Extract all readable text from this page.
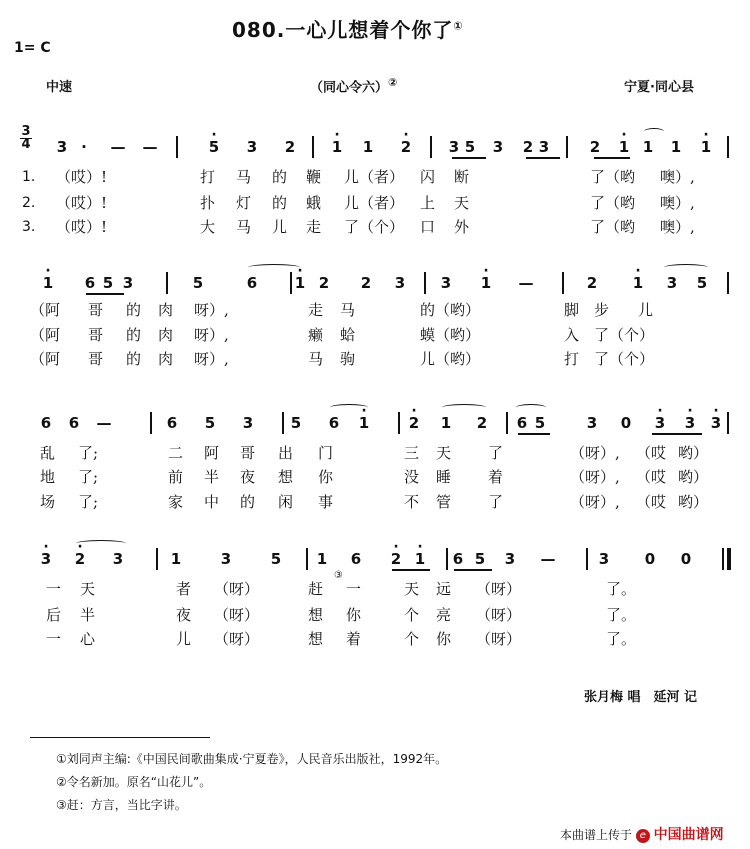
080.一心儿想着个你了①
1= C
中速	（同心令六）②	宁夏·同心县
3
4	3 ·	—	—	· 5	3	2	· 1	1	· 2	3 5	3	2 3	2	· 1 1	1	· 1
1. （哎）!	打 马 的 鞭 儿（者） 闪 断	了（哟 噢）,
2. （哎）!	扑 灯 的 蛾 儿（者） 上 天	了（哟 噢）,
3. （哎）!	大 马 儿 走 了（个） 口 外	了（哟 噢）,
· 1	6 5 3	5	6	· 1 2	2	3	3	· 1	—	2	· 1	3	5
（阿 哥 的 肉 呀）,	走 马	的（哟）	脚 步 儿
（阿 哥 的 肉 呀）,	癞 蛤	蟆（哟）	入 了（个）
（阿 哥 的 肉 呀）,	马 驹	儿（哟）	打 了（个）
6	6	—	6	5	3	5	6	· 1	· 2	1	2	6 5	3	0	· 3	· 3	· 3
乱 了;	二 阿 哥 出 门	三 天 了	（呀）, （哎 哟）
地 了;	前 半 夜 想 你	没 睡 着	（呀）, （哎 哟）
场 了;	家 中 的 闲 事	不 管 了	（呀）, （哎 哟）
· 3	· 2	3	1	3	5	1	6	· 2 · 1	6 5	3	—	3	0	0
③
一 天	者 （呀）	赶 一	天 远 （呀）	了。
后 半	夜 （呀）	想 你	个 亮 （呀）	了。
一 心	儿 （呀）	想 着	个 你 （呀）	了。
张月梅 唱　延河 记
①刘同声主编:《中国民间歌曲集成·宁夏卷》，人民音乐出版社，1992年。
②令名新加。原名“山花儿”。
③赶：方言，当比字讲。
本曲谱上传于 e 中国曲谱网
